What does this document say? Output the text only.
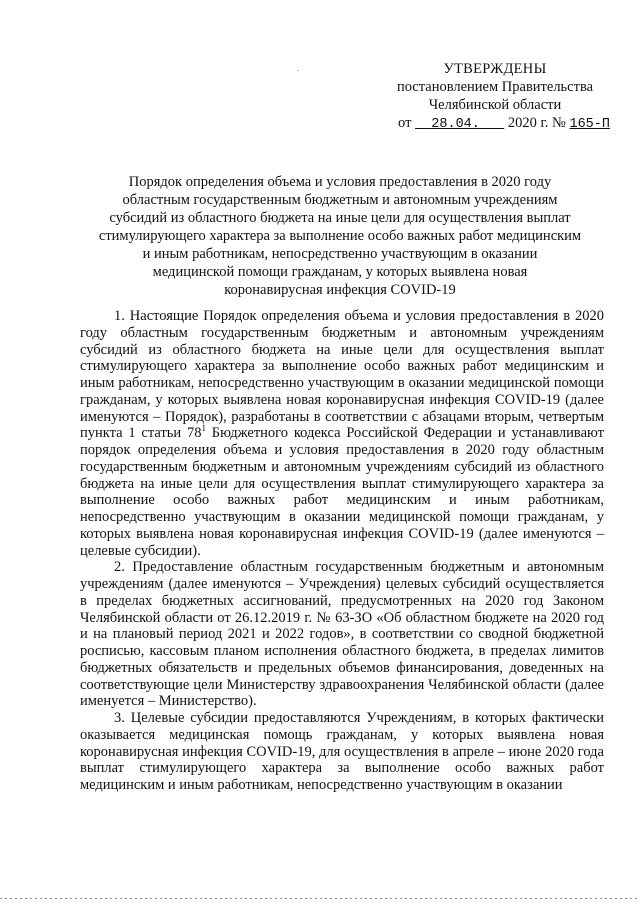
УТВЕРЖДЕНЫ
постановлением Правительства
Челябинской области
от 28.04. 2020 г. № 165-П
Порядок определения объема и условия предоставления в 2020 году
областным государственным бюджетным и автономным учреждениям
субсидий из областного бюджета на иные цели для осуществления выплат
стимулирующего характера за выполнение особо важных работ медицинским
и иным работникам, непосредственно участвующим в оказании
медицинской помощи гражданам, у которых выявлена новая
коронавирусная инфекция COVID-19

1. Настоящие Порядок определения объема и условия предоставления в 2020 году областным государственным бюджетным и автономным учреждениям субсидий из областного бюджета на иные цели для осуществления выплат стимулирующего характера за выполнение особо важных работ медицинским и иным работникам, непосредственно участвующим в оказании медицинской помощи гражданам, у которых выявлена новая коронавирусная инфекция COVID-19 (далее именуются – Порядок), разработаны в соответствии с абзацами вторым, четвертым пункта 1 статьи $78^1$ Бюджетного кодекса Российской Федерации и устанавливают порядок определения объема и условия предоставления в 2020 году областным государственным бюджетным и автономным учреждениям субсидий из областного бюджета на иные цели для осуществления выплат стимулирующего характера за выполнение особо важных работ медицинским и иным работникам, непосредственно участвующим в оказании медицинской помощи гражданам, у которых выявлена новая коронавирусная инфекция COVID-19 (далее именуются – целевые субсидии).

2. Предоставление областным государственным бюджетным и автономным учреждениям (далее именуются – Учреждения) целевых субсидий осуществляется в пределах бюджетных ассигнований, предусмотренных на 2020 год Законом Челябинской области от 26.12.2019 г. № 63-ЗО «Об областном бюджете на 2020 год и на плановый период 2021 и 2022 годов», в соответствии со сводной бюджетной росписью, кассовым планом исполнения областного бюджета, в пределах лимитов бюджетных обязательств и предельных объемов финансирования, доведенных на соответствующие цели Министерству здравоохранения Челябинской области (далее именуется – Министерство).

3. Целевые субсидии предоставляются Учреждениям, в которых фактически оказывается медицинская помощь гражданам, у которых выявлена новая коронавирусная инфекция COVID-19, для осуществления в апреле – июне 2020 года выплат стимулирующего характера за выполнение особо важных работ медицинским и иным работникам, непосредственно участвующим в оказании
